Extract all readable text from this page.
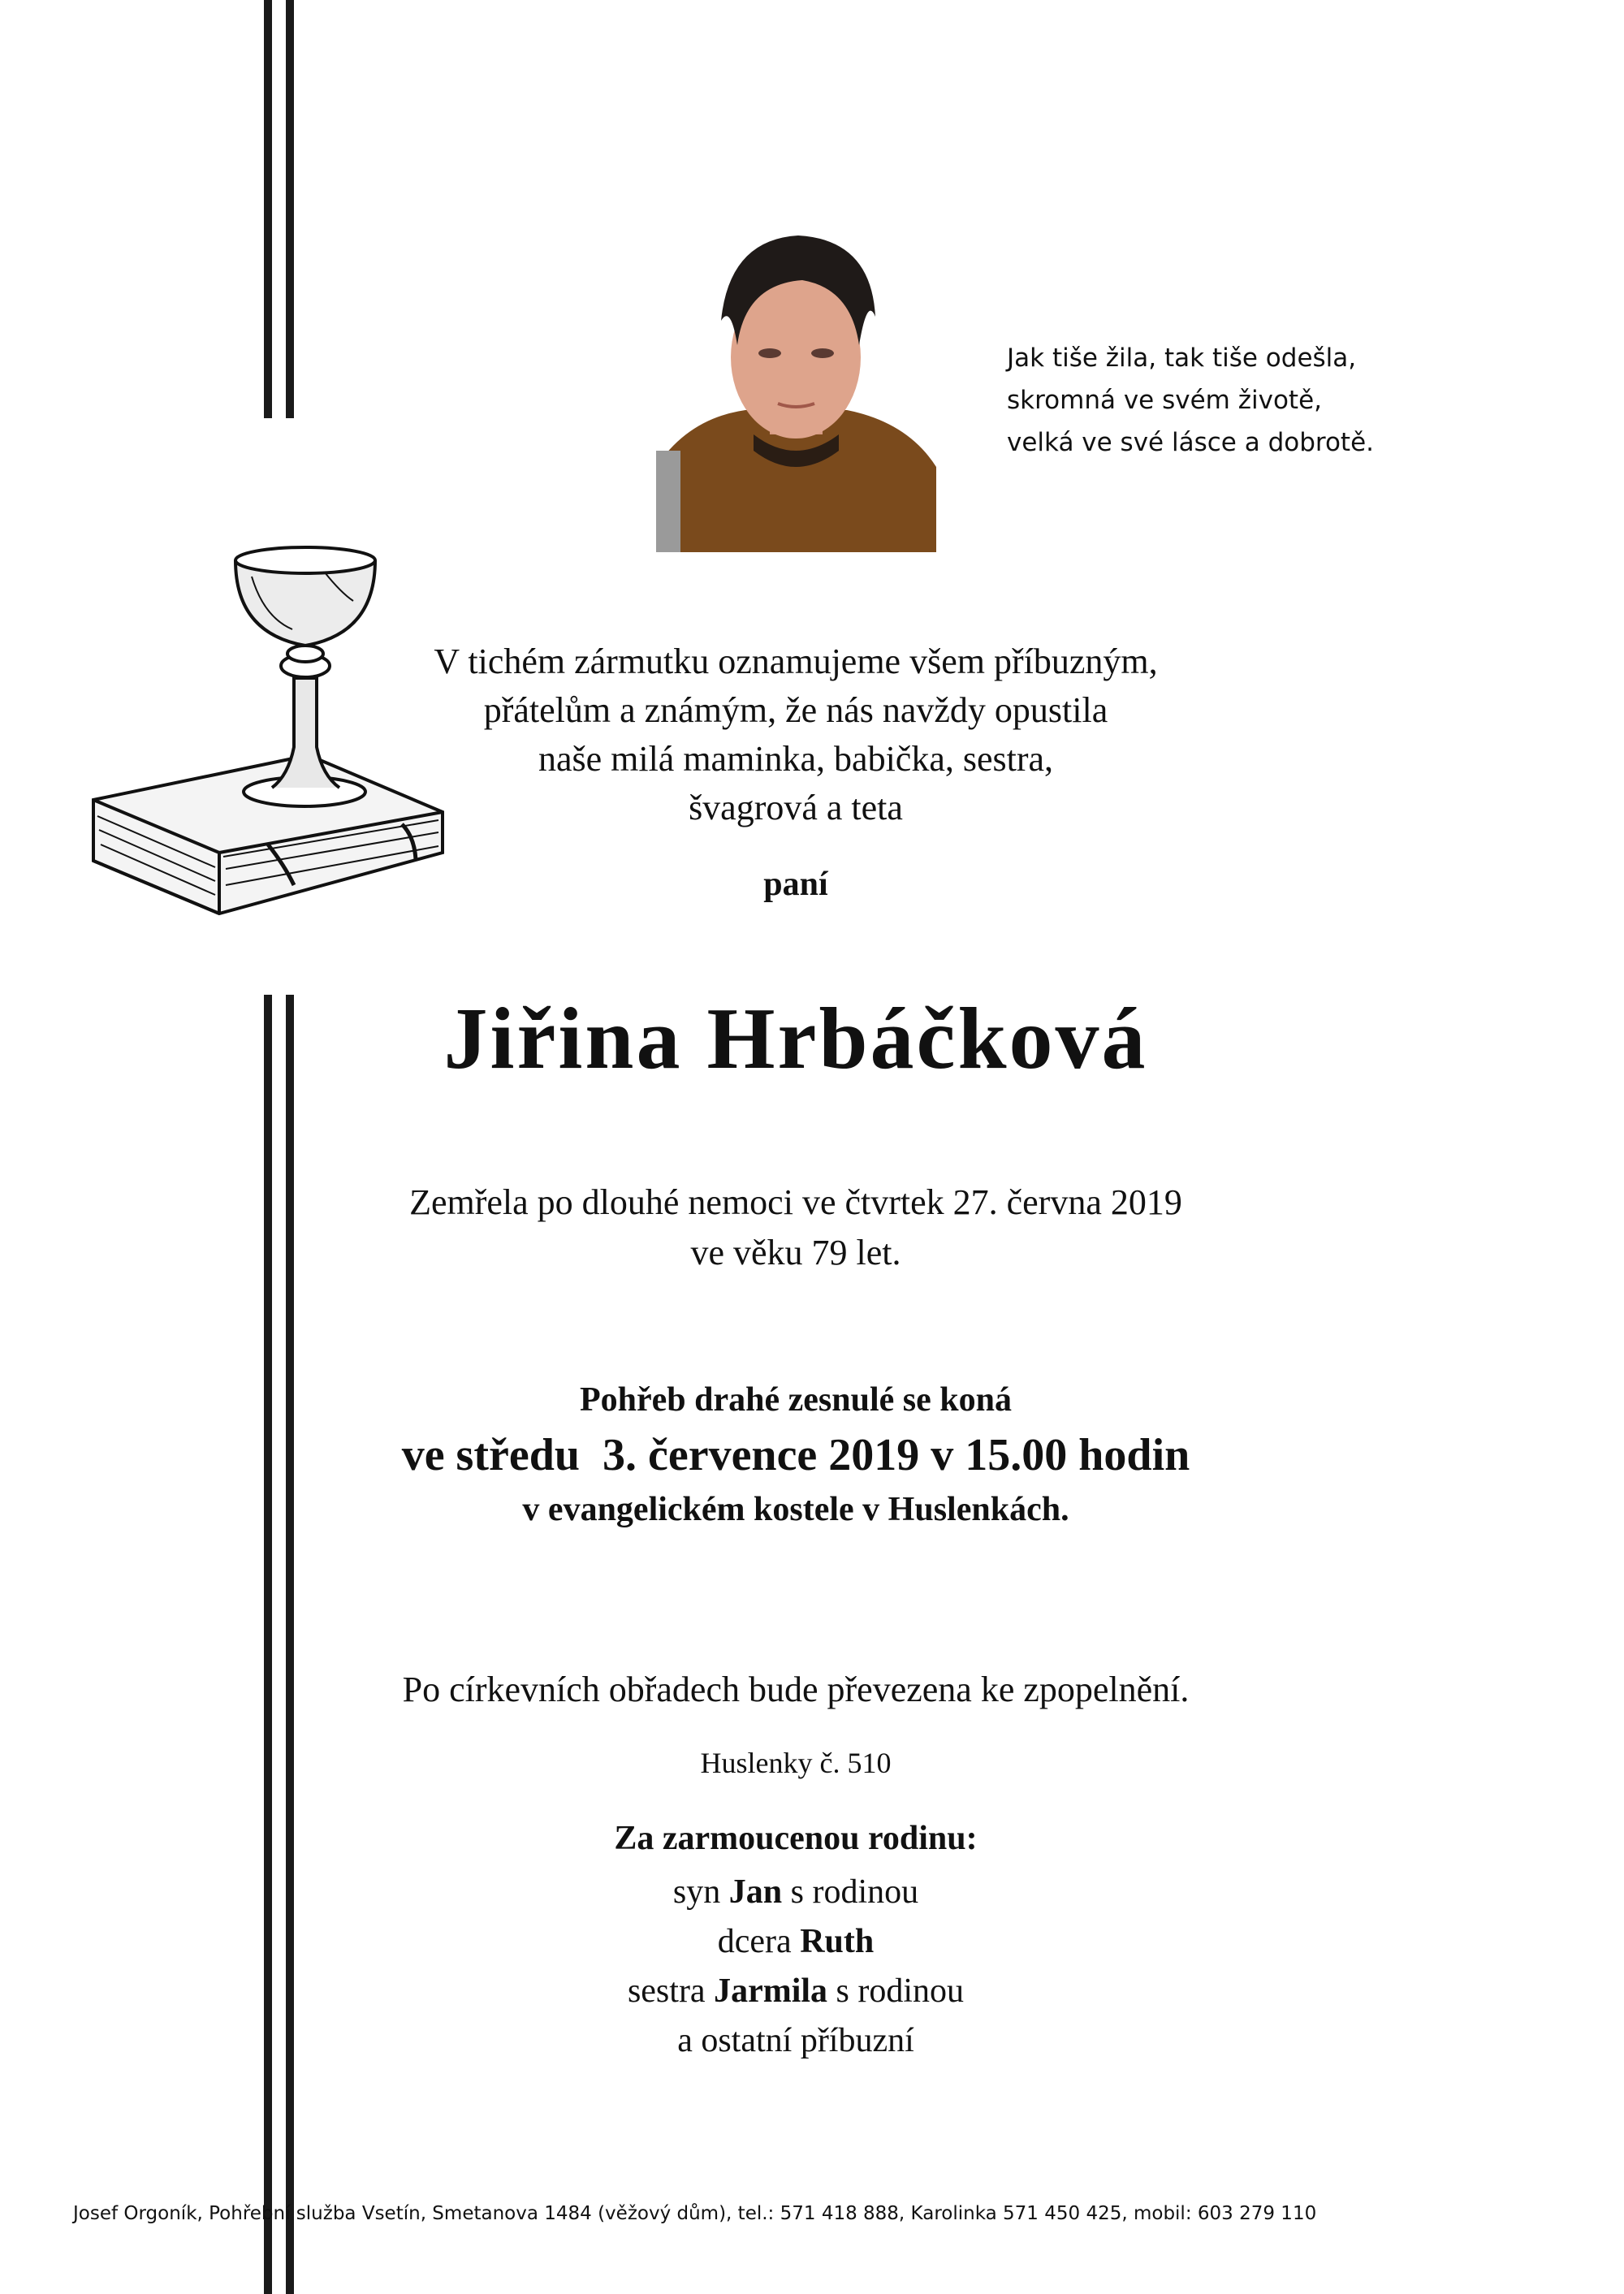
Jak tiše žila, tak tiše odešla,
skromná ve svém životě,
velká ve své lásce a dobrotě.
V tichém zármutku oznamujeme všem příbuzným,
přátelům a známým, že nás navždy opustila
naše milá maminka, babička, sestra,
švagrová a teta
paní
Jiřina Hrbáčková
Zemřela po dlouhé nemoci ve čtvrtek 27. června 2019
ve věku 79 let.
Pohřeb drahé zesnulé se koná
ve středu  3. července 2019 v 15.00 hodin
v evangelickém kostele v Huslenkách.
Po církevních obřadech bude převezena ke zpopelnění.
Huslenky č. 510
Za zarmoucenou rodinu:
syn Jan s rodinou
dcera Ruth
sestra Jarmila s rodinou
a ostatní příbuzní
Josef Orgoník, Pohřební služba Vsetín, Smetanova 1484 (věžový dům), tel.: 571 418 888, Karolinka 571 450 425, mobil: 603 279 110
